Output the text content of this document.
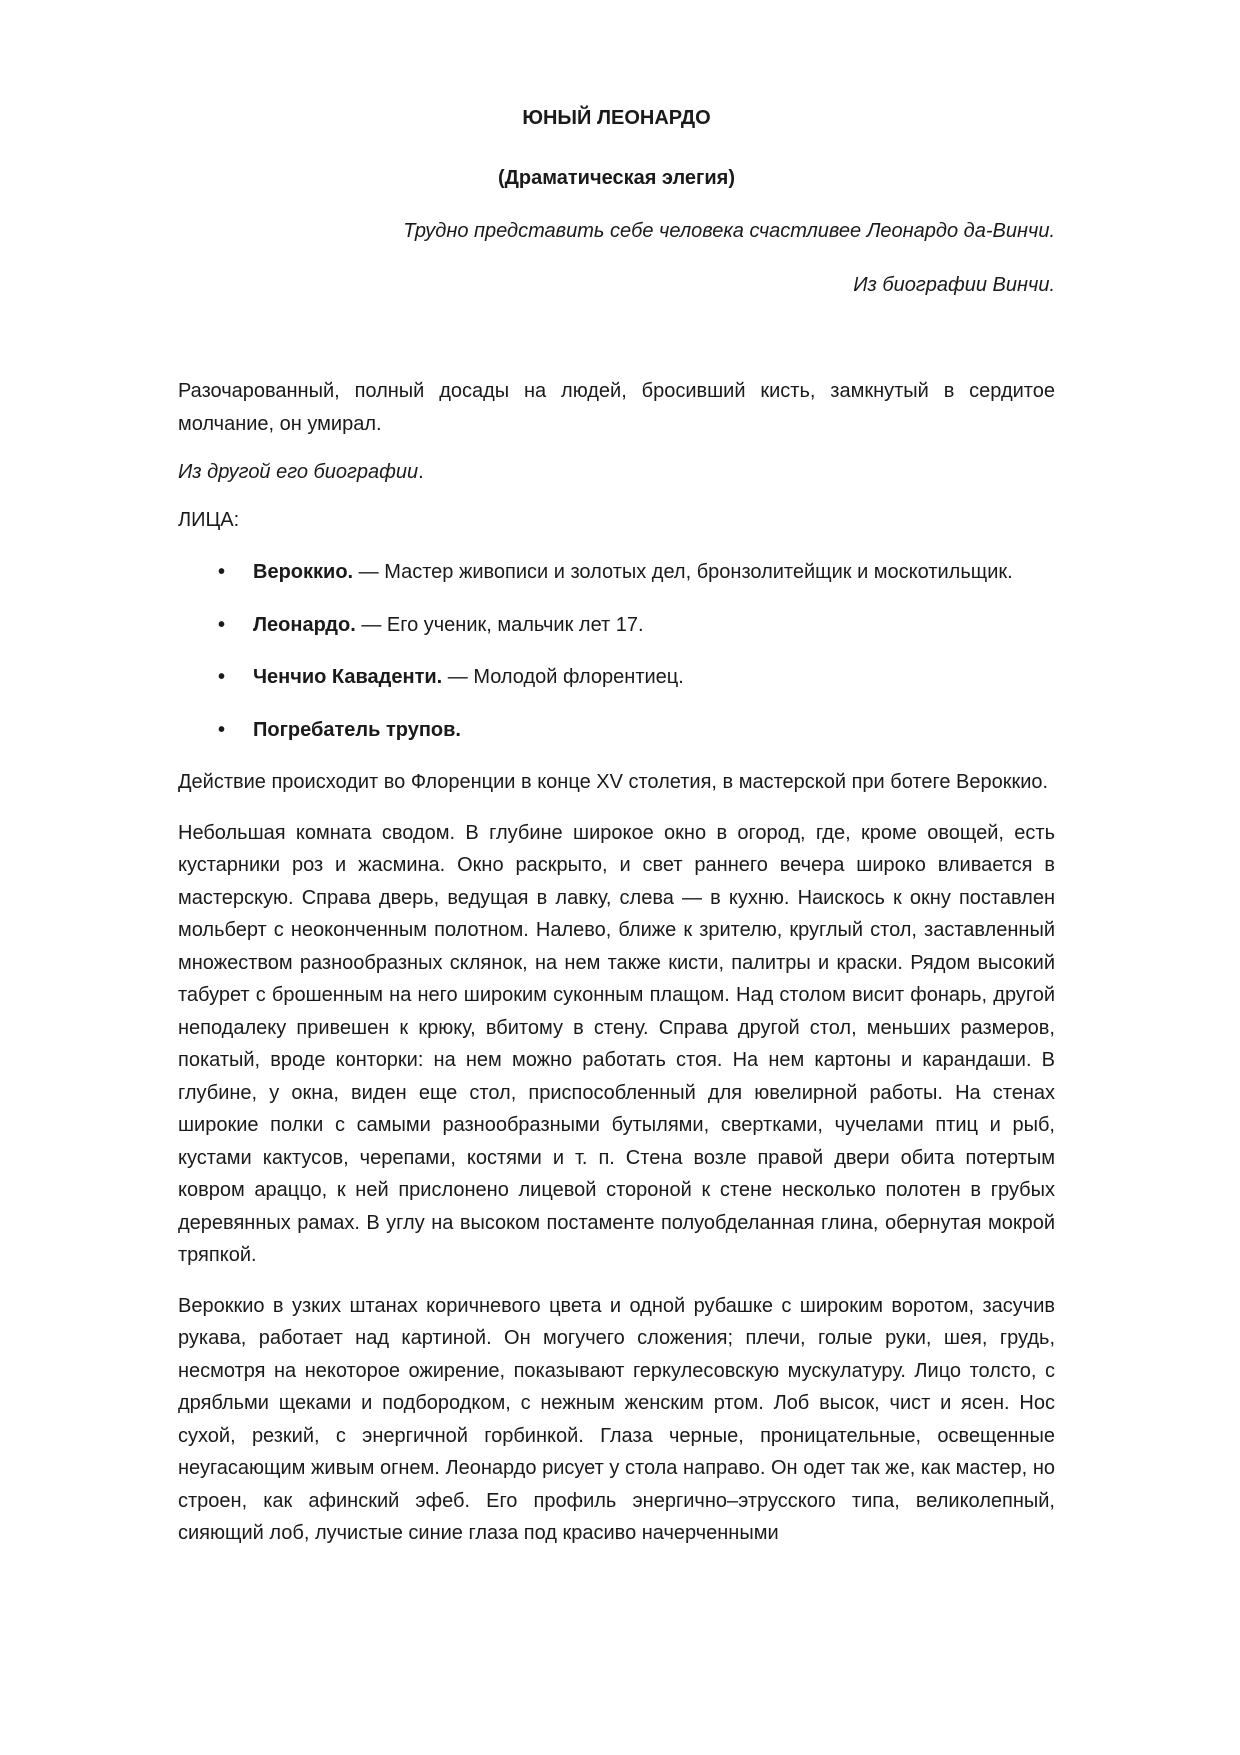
ЮНЫЙ ЛЕОНАРДО

(Драматическая элегия)

Трудно представить себе человека счастливее Леонардо да-Винчи.

Из биографии Винчи.

Разочарованный, полный досады на людей, бросивший кисть, замкнутый в сердитое молчание, он умирал.

Из другой его биографии.

ЛИЦА:

• Вероккио. — Мастер живописи и золотых дел, бронзолитейщик и москотильщик.
• Леонардо. — Его ученик, мальчик лет 17.
• Ченчио Каваденти. — Молодой флорентиец.
• Погребатель трупов.

Действие происходит во Флоренции в конце XV столетия, в мастерской при ботеге Вероккио.

Небольшая комната сводом. В глубине широкое окно в огород, где, кроме овощей, есть кустарники роз и жасмина. Окно раскрыто, и свет раннего вечера широко вливается в мастерскую. Справа дверь, ведущая в лавку, слева — в кухню. Наискось к окну поставлен мольберт с неоконченным полотном. Налево, ближе к зрителю, круглый стол, заставленный множеством разнообразных склянок, на нем также кисти, палитры и краски. Рядом высокий табурет с брошенным на него широким суконным плащом. Над столом висит фонарь, другой неподалеку привешен к крюку, вбитому в стену. Справа другой стол, меньших размеров, покатый, вроде конторки: на нем можно работать стоя. На нем картоны и карандаши. В глубине, у окна, виден еще стол, приспособленный для ювелирной работы. На стенах широкие полки с самыми разнообразными бутылями, свертками, чучелами птиц и рыб, кустами кактусов, черепами, костями и т. п. Стена возле правой двери обита потертым ковром араццо, к ней прислонено лицевой стороной к стене несколько полотен в грубых деревянных рамах. В углу на высоком постаменте полуобделанная глина, обернутая мокрой тряпкой.

Вероккио в узких штанах коричневого цвета и одной рубашке с широким воротом, засучив рукава, работает над картиной. Он могучего сложения; плечи, голые руки, шея, грудь, несмотря на некоторое ожирение, показывают геркулесовскую мускулатуру. Лицо толсто, с дрябльми щеками и подбородком, с нежным женским ртом. Лоб высок, чист и ясен. Нос сухой, резкий, с энергичной горбинкой. Глаза черные, проницательные, освещенные неугасающим живым огнем. Леонардо рисует у стола направо. Он одет так же, как мастер, но строен, как афинский эфеб. Его профиль энергично–этрусского типа, великолепный, сияющий лоб, лучистые синие глаза под красиво начерченными
